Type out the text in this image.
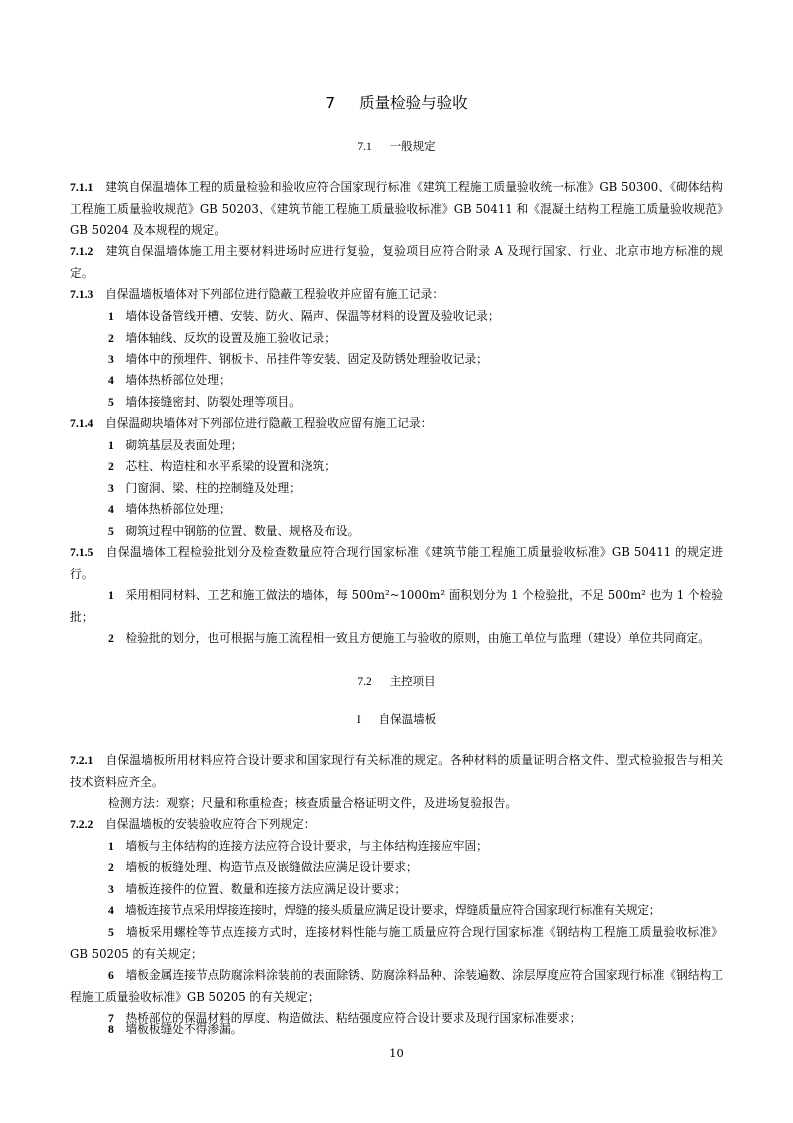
7 质量检验与验收
7.1 一般规定
7.1.1　 建筑自保温墙体工程的质量检验和验收应符合国家现行标准《建筑工程施工质量验收统一标准》GB 50300、《砌体结构工程施工质量验收规范》GB 50203、《建筑节能工程施工质量验收标准》GB 50411 和《混凝土结构工程施工质量验收规范》GB 50204 及本规程的规定。
7.1.2　 建筑自保温墙体施工用主要材料进场时应进行复验，复验项目应符合附录 A 及现行国家、行业、北京市地方标准的规定。
7.1.3　 自保温墙板墙体对下列部位进行隐蔽工程验收并应留有施工记录：
1　 墙体设备管线开槽、安装、防火、隔声、保温等材料的设置及验收记录；
2　 墙体轴线、反坎的设置及施工验收记录；
3　 墙体中的预埋件、钢板卡、吊挂件等安装、固定及防锈处理验收记录；
4　 墙体热桥部位处理；
5　 墙体接缝密封、防裂处理等项目。
7.1.4　 自保温砌块墙体对下列部位进行隐蔽工程验收应留有施工记录：
1　 砌筑基层及表面处理；
2　 芯柱、构造柱和水平系梁的设置和浇筑；
3　 门窗洞、梁、柱的控制缝及处理；
4　 墙体热桥部位处理；
5　 砌筑过程中钢筋的位置、数量、规格及布设。
7.1.5　 自保温墙体工程检验批划分及检查数量应符合现行国家标准《建筑节能工程施工质量验收标准》GB 50411 的规定进行。
1　 采用相同材料、工艺和施工做法的墙体，每 500m²~1000m² 面积划分为 1 个检验批，不足 500m² 也为 1 个检验批；
2　 检验批的划分，也可根据与施工流程相一致且方便施工与验收的原则，由施工单位与监理（建设）单位共同商定。
7.2 主控项目
I 自保温墙板
7.2.1　 自保温墙板所用材料应符合设计要求和国家现行有关标准的规定。各种材料的质量证明合格文件、型式检验报告与相关技术资料应齐全。
检测方法：观察；尺量和称重检查；核查质量合格证明文件，及进场复验报告。
7.2.2　 自保温墙板的安装验收应符合下列规定：
1　 墙板与主体结构的连接方法应符合设计要求，与主体结构连接应牢固；
2　 墙板的板缝处理、构造节点及嵌缝做法应满足设计要求；
3　 墙板连接件的位置、数量和连接方法应满足设计要求；
4　 墙板连接节点采用焊接连接时，焊缝的接头质量应满足设计要求，焊缝质量应符合国家现行标准有关规定；
5　 墙板采用螺栓等节点连接方式时，连接材料性能与施工质量应符合现行国家标准《钢结构工程施工质量验收标准》GB 50205 的有关规定；
6　 墙板金属连接节点防腐涂料涂装前的表面除锈、防腐涂料品种、涂装遍数、涂层厚度应符合国家现行标准《钢结构工程施工质量验收标准》GB 50205 的有关规定；
7　 热桥部位的保温材料的厚度、构造做法、粘结强度应符合设计要求及现行国家标准要求；
8　 墙板板缝处不得渗漏。
10
